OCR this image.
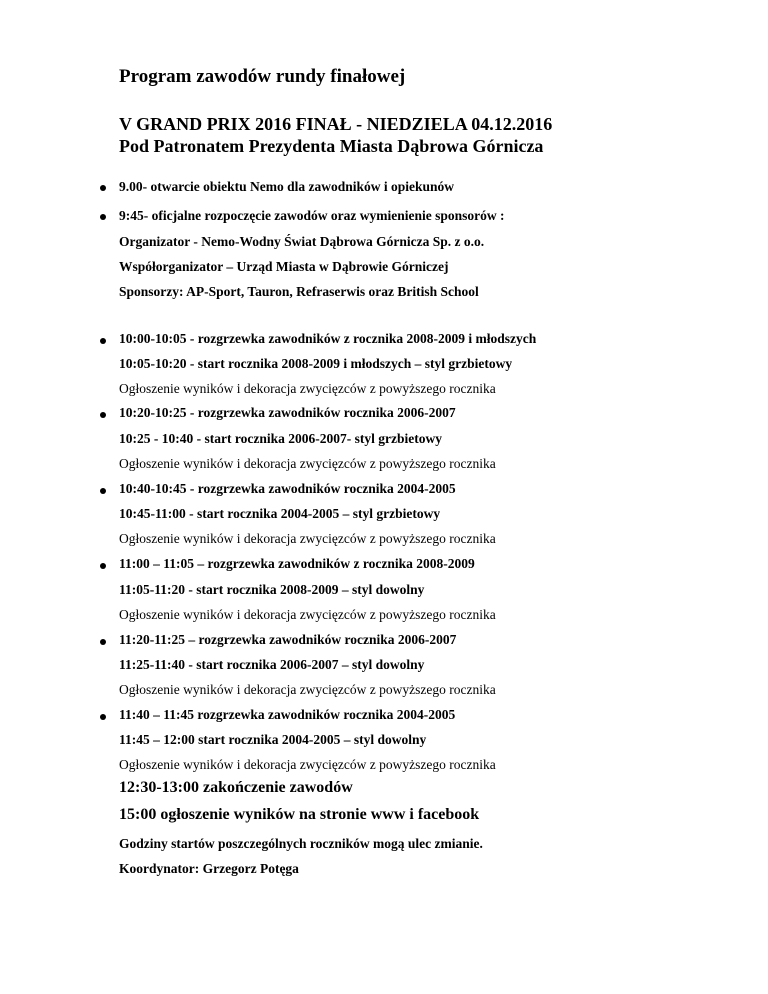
Program zawodów rundy finałowej
V GRAND PRIX 2016 FINAŁ - NIEDZIELA 04.12.2016
Pod Patronatem Prezydenta Miasta Dąbrowa Górnicza
9.00- otwarcie obiektu Nemo dla zawodników i opiekunów
9:45- oficjalne rozpoczęcie zawodów oraz wymienienie sponsorów :
Organizator - Nemo-Wodny Świat Dąbrowa Górnicza Sp. z o.o.
Współorganizator – Urząd Miasta w Dąbrowie Górniczej
Sponsorzy: AP-Sport, Tauron, Refraserwis oraz British School
10:00-10:05 - rozgrzewka zawodników z rocznika 2008-2009 i młodszych
10:05-10:20 - start rocznika 2008-2009 i młodszych – styl grzbietowy
Ogłoszenie wyników i dekoracja zwycięzców z powyższego rocznika
10:20-10:25 - rozgrzewka zawodników rocznika 2006-2007
10:25 - 10:40 - start rocznika 2006-2007- styl grzbietowy
Ogłoszenie wyników i dekoracja zwycięzców z powyższego rocznika
10:40-10:45 - rozgrzewka zawodników rocznika 2004-2005
10:45-11:00 - start rocznika 2004-2005 – styl grzbietowy
Ogłoszenie wyników i dekoracja zwycięzców z powyższego rocznika
11:00 – 11:05 – rozgrzewka zawodników z rocznika 2008-2009
11:05-11:20 - start rocznika 2008-2009 – styl dowolny
Ogłoszenie wyników i dekoracja zwycięzców z powyższego rocznika
11:20-11:25 – rozgrzewka zawodników rocznika 2006-2007
11:25-11:40 - start rocznika 2006-2007 – styl dowolny
Ogłoszenie wyników i dekoracja zwycięzców z powyższego rocznika
11:40 – 11:45 rozgrzewka zawodników rocznika 2004-2005
11:45 – 12:00 start rocznika 2004-2005 – styl dowolny
Ogłoszenie wyników i dekoracja zwycięzców z powyższego rocznika
12:30-13:00 zakończenie zawodów
15:00 ogłoszenie wyników na stronie www i facebook
Godziny startów poszczególnych roczników mogą ulec zmianie.
Koordynator: Grzegorz Potęga
